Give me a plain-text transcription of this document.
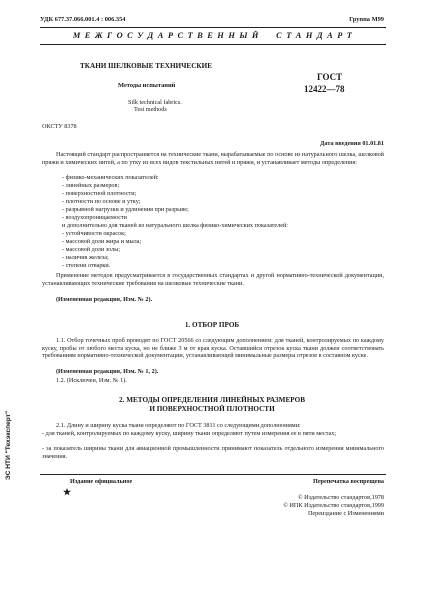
УДК 677.37.066.001.4 : 006.354	Группа М99
М Е Ж Г О С У Д А Р С Т В Е Н Н Ы Й     С Т А Н Д А Р Т
ТКАНИ ШЕЛКОВЫЕ ТЕХНИЧЕСКИЕ
Методы испытаний
Silk technical fabrics.
Test methods
ГОСТ
12422—78
ОКСТУ 8378
Дата введения 01.01.81
Настоящий стандарт распространяется на технические ткани, вырабатываемые по основе из натурального шелка, шелковой пряжи и химических нитей, а по утку из всех видов текстильных нитей и пряжи, и устанавливает методы определения:
- физико-механических показателей:
- линейных размеров;
- поверхностной плотности;
- плотности по основе и утку;
- разрывной нагрузки и удлинения при разрыве;
- воздухопроницаемости
и дополнительно для тканей из натурального шелка физико-химических показателей:
- устойчивости окрасок;
- массовой доли жира и мыла;
- массовой доли золы;
- наличия железа;
- степени отварки.
Применение методов предусматривается в государственных стандартах и другой нормативно-технической документации, устанавливающих технические требования на шелковые технические ткани.
(Измененная редакция, Изм. № 2).
1. ОТБОР ПРОБ
1.1. Отбор точечных проб проводят по ГОСТ 20566 со следующим дополнением: для тканей, контролируемых по каждому куску, пробы от любого места куска, но не ближе 3 м от края куска. Оставшийся отрезок куска ткани должен соответствовать требованиям нормативно-технической документации, устанавливающей минимальные размеры отрезов в составном куске.
(Измененная редакция, Изм. № 1, 2).
1.2. (Исключен, Изм. № 1).
2. МЕТОДЫ ОПРЕДЕЛЕНИЯ ЛИНЕЙНЫХ РАЗМЕРОВ
И ПОВЕРХНОСТНОЙ ПЛОТНОСТИ
2.1. Длину и ширину куска ткани определяют по ГОСТ 3811 со следующими дополнениями:
- для тканей, контролируемых по каждому куску, ширину ткани определяют путем измерения ее в пяти местах;
- за показатель ширины ткани для авиационной промышленности принимают показатель отдельного измерения минимального значения.
Издание официальное
★
Перепечатка воспрещена
© Издательство стандартов,1978
© ИПК Издательство стандартов,1999
Переиздание с Изменениями
ЭС НТИ "Техэксперт"
